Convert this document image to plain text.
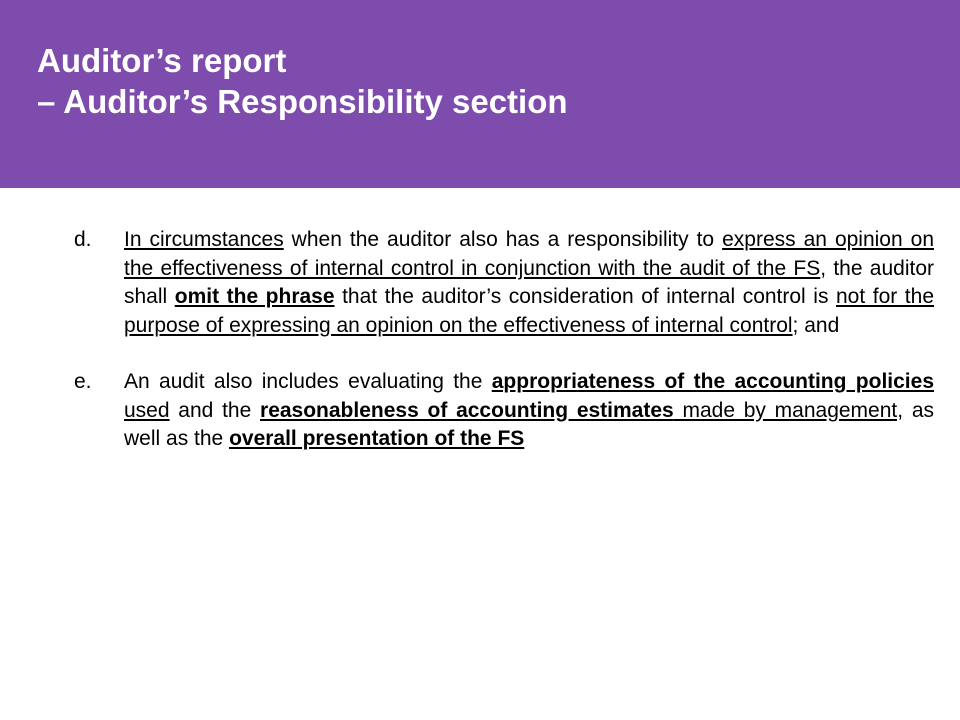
Auditor’s report
– Auditor’s Responsibility section
d. In circumstances when the auditor also has a responsibility to express an opinion on the effectiveness of internal control in conjunction with the audit of the FS, the auditor shall omit the phrase that the auditor’s consideration of internal control is not for the purpose of expressing an opinion on the effectiveness of internal control; and
e. An audit also includes evaluating the appropriateness of the accounting policies used and the reasonableness of accounting estimates made by management, as well as the overall presentation of the FS
